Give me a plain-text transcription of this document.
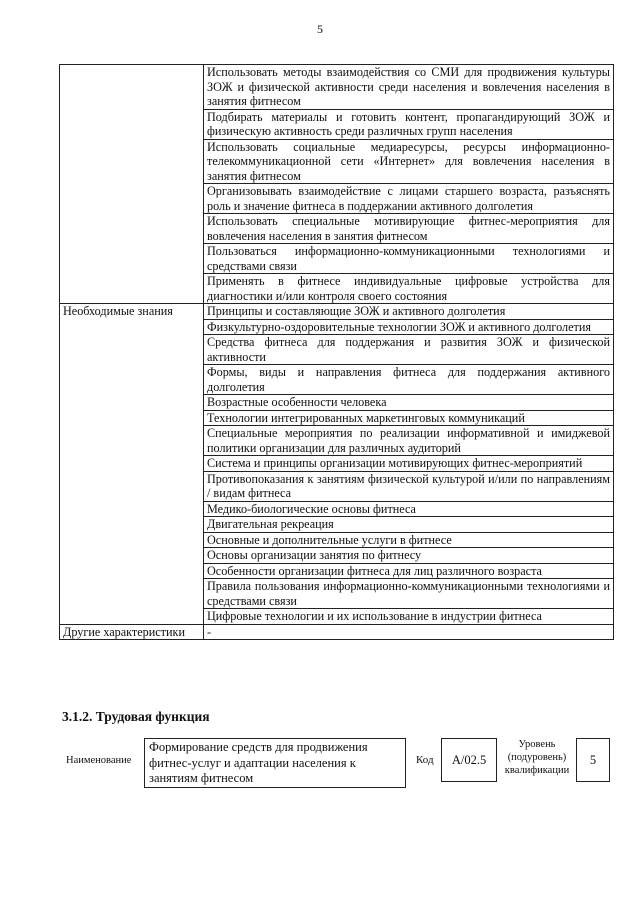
5
	Использовать методы взаимодействия со СМИ для продвижения культуры ЗОЖ и физической активности среди населения и вовлечения населения в занятия фитнесом
	Подбирать материалы и готовить контент, пропагандирующий ЗОЖ и физическую активность среди различных групп населения
	Использовать социальные медиаресурсы, ресурсы информационно-телекоммуникационной сети «Интернет» для вовлечения населения в занятия фитнесом
	Организовывать взаимодействие с лицами старшего возраста, разъяснять роль и значение фитнеса в поддержании активного долголетия
	Использовать специальные мотивирующие фитнес-мероприятия для вовлечения населения в занятия фитнесом
	Пользоваться информационно-коммуникационными технологиями и средствами связи
	Применять в фитнесе индивидуальные цифровые устройства для диагностики и/или контроля своего состояния
Необходимые знания	Принципы и составляющие ЗОЖ и активного долголетия
	Физкультурно-оздоровительные технологии ЗОЖ и активного долголетия
	Средства фитнеса для поддержания и развития ЗОЖ и физической активности
	Формы, виды и направления фитнеса для поддержания активного долголетия
	Возрастные особенности человека
	Технологии интегрированных маркетинговых коммуникаций
	Специальные мероприятия по реализации информативной и имиджевой политики организации для различных аудиторий
	Система и принципы организации мотивирующих фитнес-мероприятий
	Противопоказания к занятиям физической культурой и/или по направлениям / видам фитнеса
	Медико-биологические основы фитнеса
	Двигательная рекреация
	Основные и дополнительные услуги в фитнесе
	Основы организации занятия по фитнесу
	Особенности организации фитнеса для лиц различного возраста
	Правила пользования информационно-коммуникационными технологиями и средствами связи
	Цифровые технологии и их использование в индустрии фитнеса
Другие характеристики	-
3.1.2. Трудовая функция
Наименование
Формирование средств для продвижения фитнес-услуг и адаптации населения к занятиям фитнесом
Код	А/02.5
Уровень (подуровень) квалификации
5
